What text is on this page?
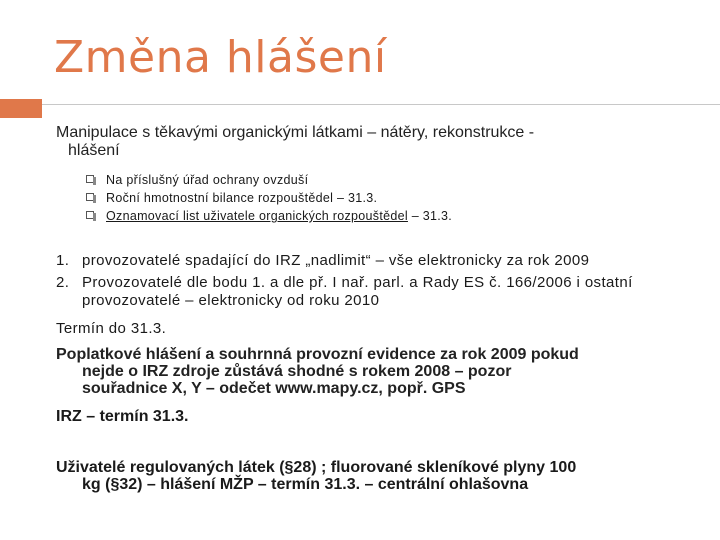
Změna hlášení
Manipulace s těkavými organickými látkami – nátěry, rekonstrukce -
hlášení
Na příslušný úřad ochrany ovzduší
Roční hmotnostní bilance rozpouštědel – 31.3.
Oznamovací list uživatele organických rozpouštědel – 31.3.
1. provozovatelé spadající do IRZ „nadlimit“ – vše elektronicky za rok 2009
2. Provozovatelé dle bodu 1. a dle př. I nař. parl. a Rady ES č. 166/2006 i ostatní provozovatelé – elektronicky od roku 2010
Termín do 31.3.
Poplatkové hlášení a souhrnná provozní evidence za rok 2009 pokud
nejde o IRZ zdroje zůstává shodné s rokem 2008 – pozor
souřadnice X, Y – odečet www.mapy.cz, popř. GPS
IRZ – termín 31.3.
Uživatelé regulovaných látek (§28) ; fluorované skleníkové plyny 100
kg (§32) – hlášení MŽP – termín 31.3. – centrální ohlašovna
